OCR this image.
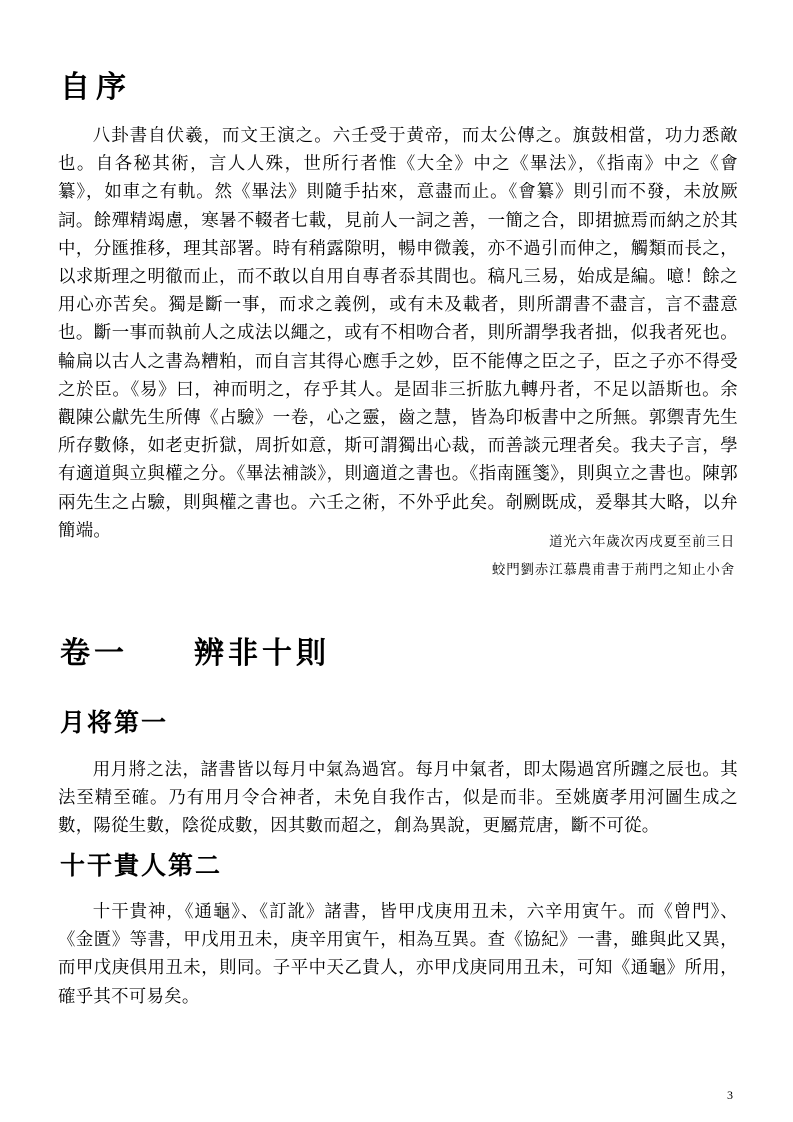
自序

八卦書自伏羲，而文王演之。六壬受于黄帝，而太公傳之。旗鼓相當，功力悉敵也。自各秘其術，言人人殊，世所行者惟《大全》中之《畢法》，《指南》中之《會纂》，如車之有軌。然《畢法》則隨手拈來，意盡而止。《會纂》則引而不發，未放厥詞。餘殫精竭慮，寒暑不輟者七載，見前人一詞之善，一簡之合，即捃摭焉而納之於其中，分匯推移，理其部署。時有稍露隙明，暢申微義，亦不過引而伸之，觸類而長之，以求斯理之明徹而止，而不敢以自用自專者忝其間也。稿凡三易，始成是編。噫！餘之用心亦苦矣。獨是斷一事，而求之義例，或有未及載者，則所謂書不盡言，言不盡意也。斷一事而執前人之成法以繩之，或有不相吻合者，則所謂學我者拙，似我者死也。輪扁以古人之書為糟粕，而自言其得心應手之妙，臣不能傳之臣之子，臣之子亦不得受之於臣。《易》曰，神而明之，存乎其人。是固非三折肱九轉丹者，不足以語斯也。余觀陳公獻先生所傳《占驗》一卷，心之靈，齒之慧，皆為印板書中之所無。郭禦青先生所存數條，如老吏折獄，周折如意，斯可謂獨出心裁，而善談元理者矣。我夫子言，學有適道與立與權之分。《畢法補談》，則適道之書也。《指南匯箋》，則與立之書也。陳郭兩先生之占驗，則與權之書也。六壬之術，不外乎此矣。剞劂既成，爰舉其大略，以弁簡端。

道光六年歲次丙戌夏至前三日
蛟門劉赤江慕農甫書于荊門之知止小舍
卷一 辨非十則
月将第一

用月將之法，諸書皆以每月中氣為過宮。每月中氣者，即太陽過宮所躔之辰也。其法至精至確。乃有用月令合神者，未免自我作古，似是而非。至姚廣孝用河圖生成之數，陽從生數，陰從成數，因其數而超之，創為異說，更屬荒唐，斷不可從。

十干貴人第二

十干貴神，《通龜》、《訂訛》諸書，皆甲戊庚用丑未，六辛用寅午。而《曾門》、《金匱》等書，甲戊用丑未，庚辛用寅午，相為互異。查《協紀》一書，雖與此又異，而甲戊庚俱用丑未，則同。子平中天乙貴人，亦甲戊庚同用丑未，可知《通龜》所用，確乎其不可易矣。

3
